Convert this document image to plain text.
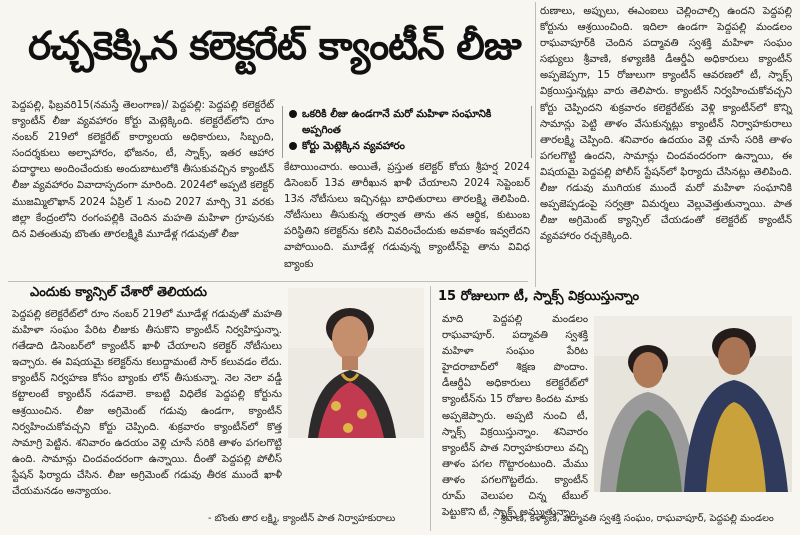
రచ్చకెక్కిన కలెక్టరేట్ క్యాంటీన్ లీజు

పెద్దపల్లి, ఫిబ్రవరి15(నమస్తే తెలంగాణ)/ పెద్దపల్లి: పెద్దపల్లి కలెక్టరేట్ క్యాంటీన్ లీజు వ్యవహారం కోర్టు మెట్లెక్కింది. కలెక్టరేట్‌లోని రూం నంబర్ 219లో కలెక్టరేట్ కార్యాలయ అధికారులు, సిబ్బంది, సందర్శకులు అల్పాహారం, భోజనం, టీ, స్నాక్స్, ఇతర ఆహార పదార్థాలు అందించేందుకు అందుబాటులోకి తీసుకువచ్చిన క్యాంటీన్ లీజు వ్యవహారం వివాదాస్పదంగా మారింది. 2024లో అప్పటి కలెక్టర్ ముజమ్మిలొఖాన్ 2024 ఏప్రిల్ 1 నుంచి 2027 మార్చి 31 వరకు జిల్లా కేంద్రంలోని రంగంపల్లికి చెందిన మహతి మహిళా గ్రూపునకు దిన వితంతువు బొంతు తారలక్ష్మికి మూడేళ్ల గడువుతో లీజు

ఒకరికి లీజు ఉండగానే మరో మహిళా సంఘానికి అప్పగింత
కోర్టు మెట్లెక్కిన వ్యవహారం

కేటాయించారు. అయితే, ప్రస్తుత కలెక్టర్ కోయ శ్రీహర్ష 2024 డిసెంబర్ 13వ తారీఖున ఖాళీ చేయాలని 2024 సెప్టెంబర్ 13న నోటీసులు ఇచ్చినట్లు బాధితురాలు తారలక్ష్మి తెలిపింది. నోటీసులు తీసుకున్న తర్వాత తాను తన ఆర్థిక, కుటుంబ పరిస్థితిని కలెక్టర్‌ను కలిసి వివరించేందుకు అవకాశం ఇవ్వలేదని వాపోయింది. మూడేళ్ల గడువున్న క్యాంటీన్‌పై తాను వివిధ బ్యాంకు

రుణాలు, అప్పులు, ఈఎంఐలు చెల్లించాల్సి ఉందని పెద్దపల్లి కోర్టును ఆశ్రయించింది. ఇదిలా ఉండగా పెద్దపల్లి మండలం రాఘవాపూర్‌కి చెందిన పద్మావతి స్వశక్తి మహిళా సంఘం సభ్యులు శ్రీవాణి, కళ్యాణికి డీఆర్డీఏ అధికారులు క్యాంటీన్ అప్పజెప్పగా, 15 రోజులుగా క్యాంటీన్ ఆవరణలో టీ, స్నాక్స్ విక్రయిస్తున్నట్లు వారు తెలిపారు. క్యాంటీన్ నిర్వహించుకోవచ్చని కోర్టు చెప్పిందని శుక్రవారం కలెక్టరేట్‌కు వెళ్లి క్యాంటీన్‌లో కొన్ని సామాన్లు పెట్టి తాళం వేసుకున్నట్లు క్యాంటీన్ నిర్వాహకురాలు తారలక్ష్మి చెప్పింది. శనివారం ఉదయం వెళ్లి చూసే సరికి తాళం పగలగొట్టి ఉందని, సామాన్లు చిందవందరంగా ఉన్నాయి, ఈ విషయమై పెద్దపల్లి పోలీస్ స్టేషన్‌లో ఫిర్యాదు చేసినట్లు తెలిపింది. లీజు గడువు ముగియక ముందే మరో మహిళా సంఘానికి అప్పజెప్పడంపై సర్వత్రా విమర్శలు వెల్లువెత్తుతున్నాయి. పాత లీజు అగ్రిమెంట్ క్యాన్సిల్ చేయడంతో కలెక్టరేట్ క్యాంటీన్ వ్యవహారం రచ్చకెక్కింది.

ఎందుకు క్యాన్సిల్ చేశారో తెలియదు

పెద్దపల్లి కలెక్టరేట్‌లో రూం నంబర్ 219లో మూడేళ్ల గడువుతో మహతి మహిళా సంఘం పేరిట లీజుకు తీసుకొని క్యాంటీన్ నిర్వహిస్తున్నా. గతేడాది డిసెంబర్‌లో క్యాంటీన్ ఖాళీ చేయాలని కలెక్టర్ నోటీసులు ఇచ్చారు. ఈ విషయమై కలెక్టర్‌ను కలుద్దామంటే సార్ కలువడం లేదు. క్యాంటీన్ నిర్వహణ కోసం బ్యాంకు లోన్ తీసుకున్నా. నెల నెలా వడ్డీ కట్టాలంటే క్యాంటీన్ నడవాలె. కాబట్టి విధిలేక పెద్దపల్లి కోర్టును ఆశ్రయించిన. లీజు అగ్రిమెంట్ గడువు ఉండగా, క్యాంటీన్ నిర్వహించుకోవచ్చని కోర్టు చెప్పింది. శుక్రవారం క్యాంటీన్‌లో కొత్త సామాగ్రి పెట్టిన. శనివారం ఉదయం వెళ్లి చూసే సరికి తాళం పగలగొట్టి ఉంది. సామాన్లు చిందవందరంగా ఉన్నాయి. దీంతో పెద్దపల్లి పోలీస్ స్టేషన్ ఫిర్యాదు చేసిన. లీజు అగ్రిమెంట్ గడువు తీరక ముందే ఖాళీ చేయమనడం అన్యాయం.

- బొంతు తార లక్ష్మి, క్యాంటీన్ పాత నిర్వాహకురాలు
15 రోజులుగా టీ, స్నాక్స్ విక్రయిస్తున్నాం

మాది పెద్దపల్లి మండలం రాఘవాపూర్. పద్మావతి స్వశక్తి మహిళా సంఘం పేరిట హైదరాబాద్‌లో శిక్షణ పొందాం. డీఆర్డీఏ అధికారులు కలెక్టరేట్‌లో క్యాంటీన్‌ను 15 రోజుల కిందట మాకు అప్పజెప్పారు. అప్పటి నుంచి టీ, స్నాక్స్ విక్రయిస్తున్నాం. శనివారం క్యాంటీన్ పాత నిర్వాహకురాలు వచ్చి తాళం పగల గొట్టారంటుంది. మేము తాళం పగలగొట్టలేదు. క్యాంటీన్ రూమ్ వెలుపల చిన్న టేబుల్ పెట్టుకొని టీ, స్నాక్స్ అమ్ముతున్నాం.

- శ్రీవాణి, కళ్యాణి, పద్మావతి స్వశక్తి సంఘం, రాఘవాపూర్, పెద్దపల్లి మండలం
